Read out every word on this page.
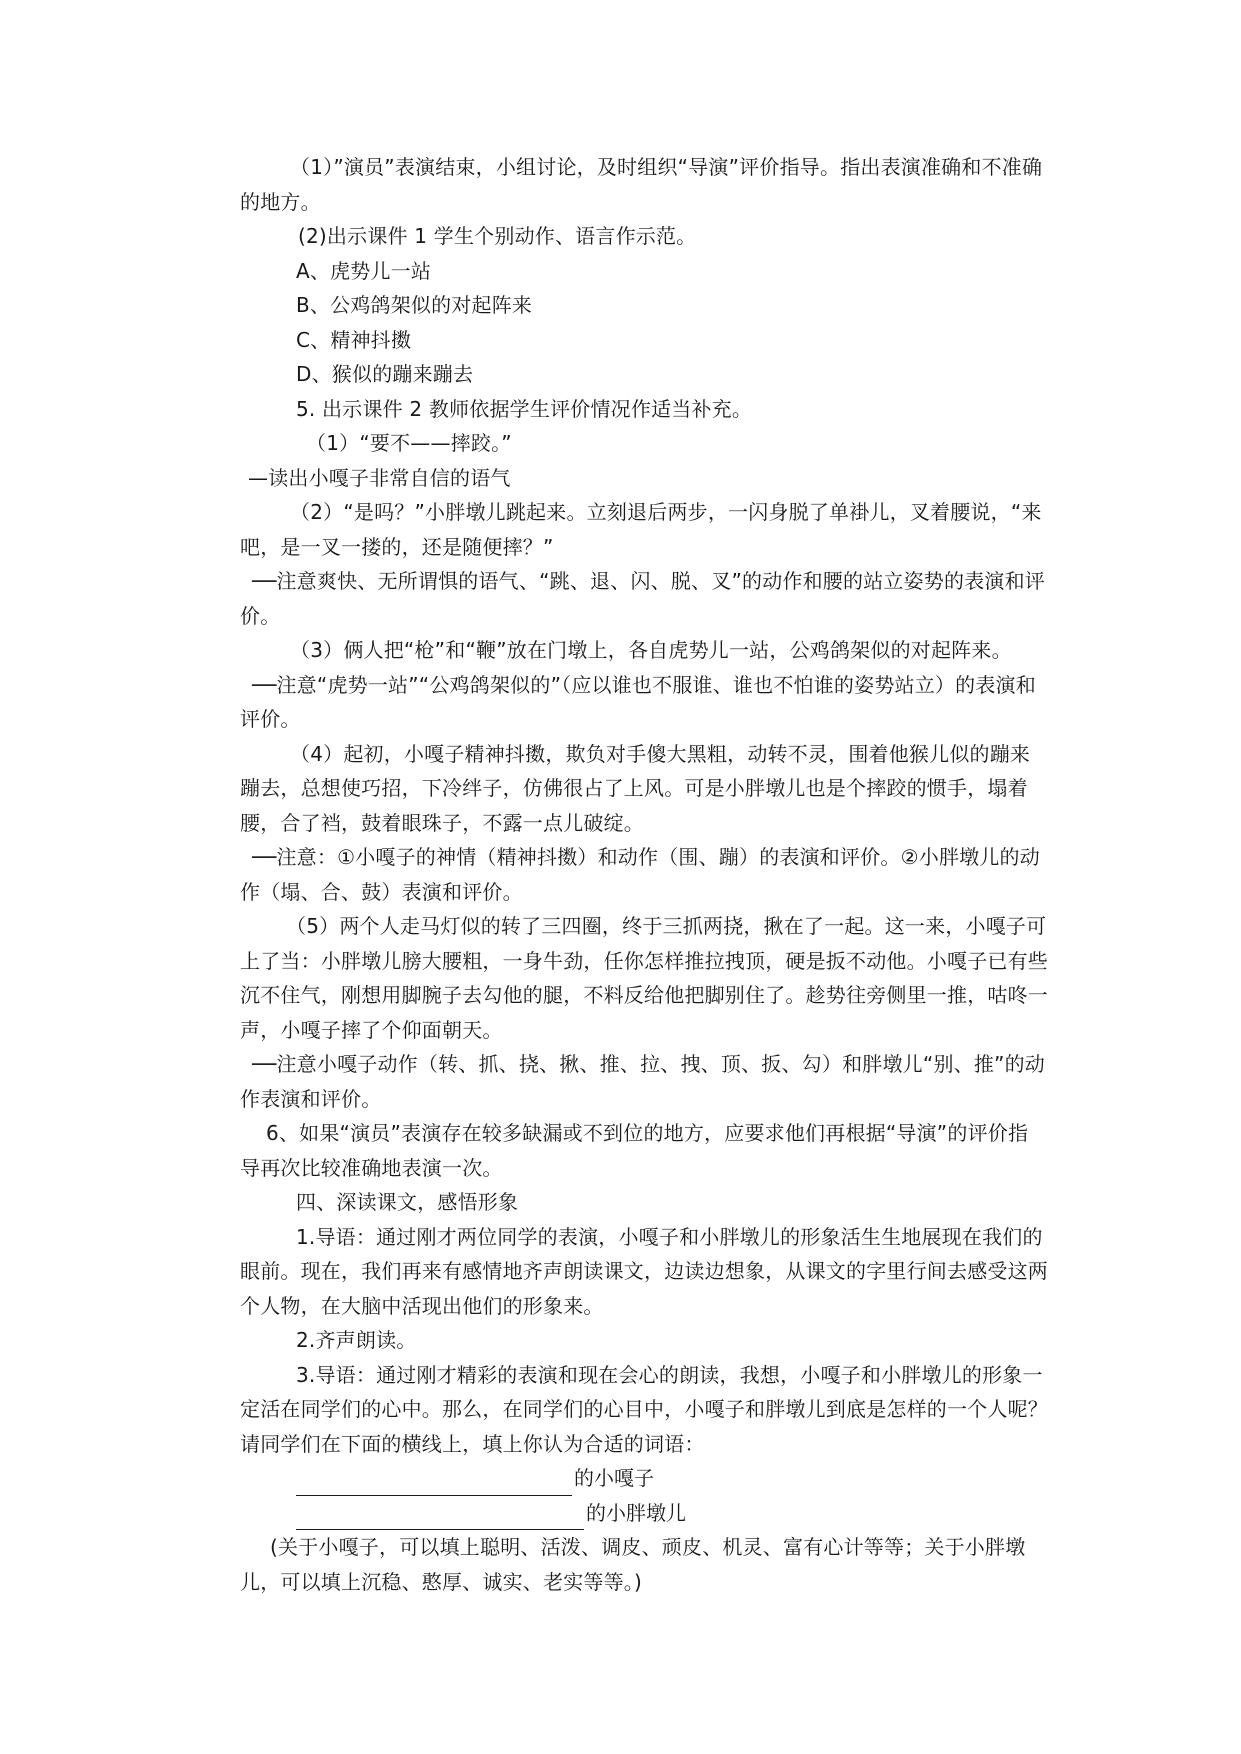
（1）”演员”表演结束，小组讨论，及时组织“导演”评价指导。指出表演准确和不准确的地方。

(2)出示课件 1 学生个别动作、语言作示范。

A、虎势儿一站

B、公鸡鸽架似的对起阵来

C、精神抖擞

D、猴似的蹦来蹦去

5. 出示课件 2 教师依据学生评价情况作适当补充。

（1）“要不——摔跤。”

—读出小嘎子非常自信的语气

（2）“是吗？”小胖墩儿跳起来。立刻退后两步，一闪身脱了单褂儿，叉着腰说，“来吧，是一叉一搂的，还是随便摔？”

──注意爽快、无所谓惧的语气、“跳、退、闪、脱、叉”的动作和腰的站立姿势的表演和评价。

（3）俩人把“枪”和“鞭”放在门墩上，各自虎势儿一站，公鸡鸽架似的对起阵来。

──注意“虎势一站”“公鸡鸽架似的”（应以谁也不服谁、谁也不怕谁的姿势站立）的表演和评价。

（4）起初，小嘎子精神抖擞，欺负对手傻大黑粗，动转不灵，围着他猴儿似的蹦来蹦去，总想使巧招，下冷绊子，仿佛很占了上风。可是小胖墩儿也是个摔跤的惯手，塌着腰，合了裆，鼓着眼珠子，不露一点儿破绽。

──注意：①小嘎子的神情（精神抖擞）和动作（围、蹦）的表演和评价。②小胖墩儿的动作（塌、合、鼓）表演和评价。

（5）两个人走马灯似的转了三四圈，终于三抓两挠，揪在了一起。这一来，小嘎子可上了当：小胖墩儿膀大腰粗，一身牛劲，任你怎样推拉拽顶，硬是扳不动他。小嘎子已有些沉不住气，刚想用脚腕子去勾他的腿，不料反给他把脚别住了。趁势往旁侧里一推，咕咚一声，小嘎子摔了个仰面朝天。

──注意小嘎子动作（转、抓、挠、揪、推、拉、拽、顶、扳、勾）和胖墩儿“别、推”的动作表演和评价。

6、如果“演员”表演存在较多缺漏或不到位的地方，应要求他们再根据“导演”的评价指导再次比较准确地表演一次。

四、深读课文，感悟形象

1.导语：通过刚才两位同学的表演，小嘎子和小胖墩儿的形象活生生地展现在我们的眼前。现在，我们再来有感情地齐声朗读课文，边读边想象，从课文的字里行间去感受这两个人物，在大脑中活现出他们的形象来。

2.齐声朗读。

3.导语：通过刚才精彩的表演和现在会心的朗读，我想，小嘎子和小胖墩儿的形象一定活在同学们的心中。那么，在同学们的心目中，小嘎子和胖墩儿到底是怎样的一个人呢？请同学们在下面的横线上，填上你认为合适的词语：

的小嘎子
的小胖墩儿

(关于小嘎子，可以填上聪明、活泼、调皮、顽皮、机灵、富有心计等等；关于小胖墩儿，可以填上沉稳、憨厚、诚实、老实等等。)
